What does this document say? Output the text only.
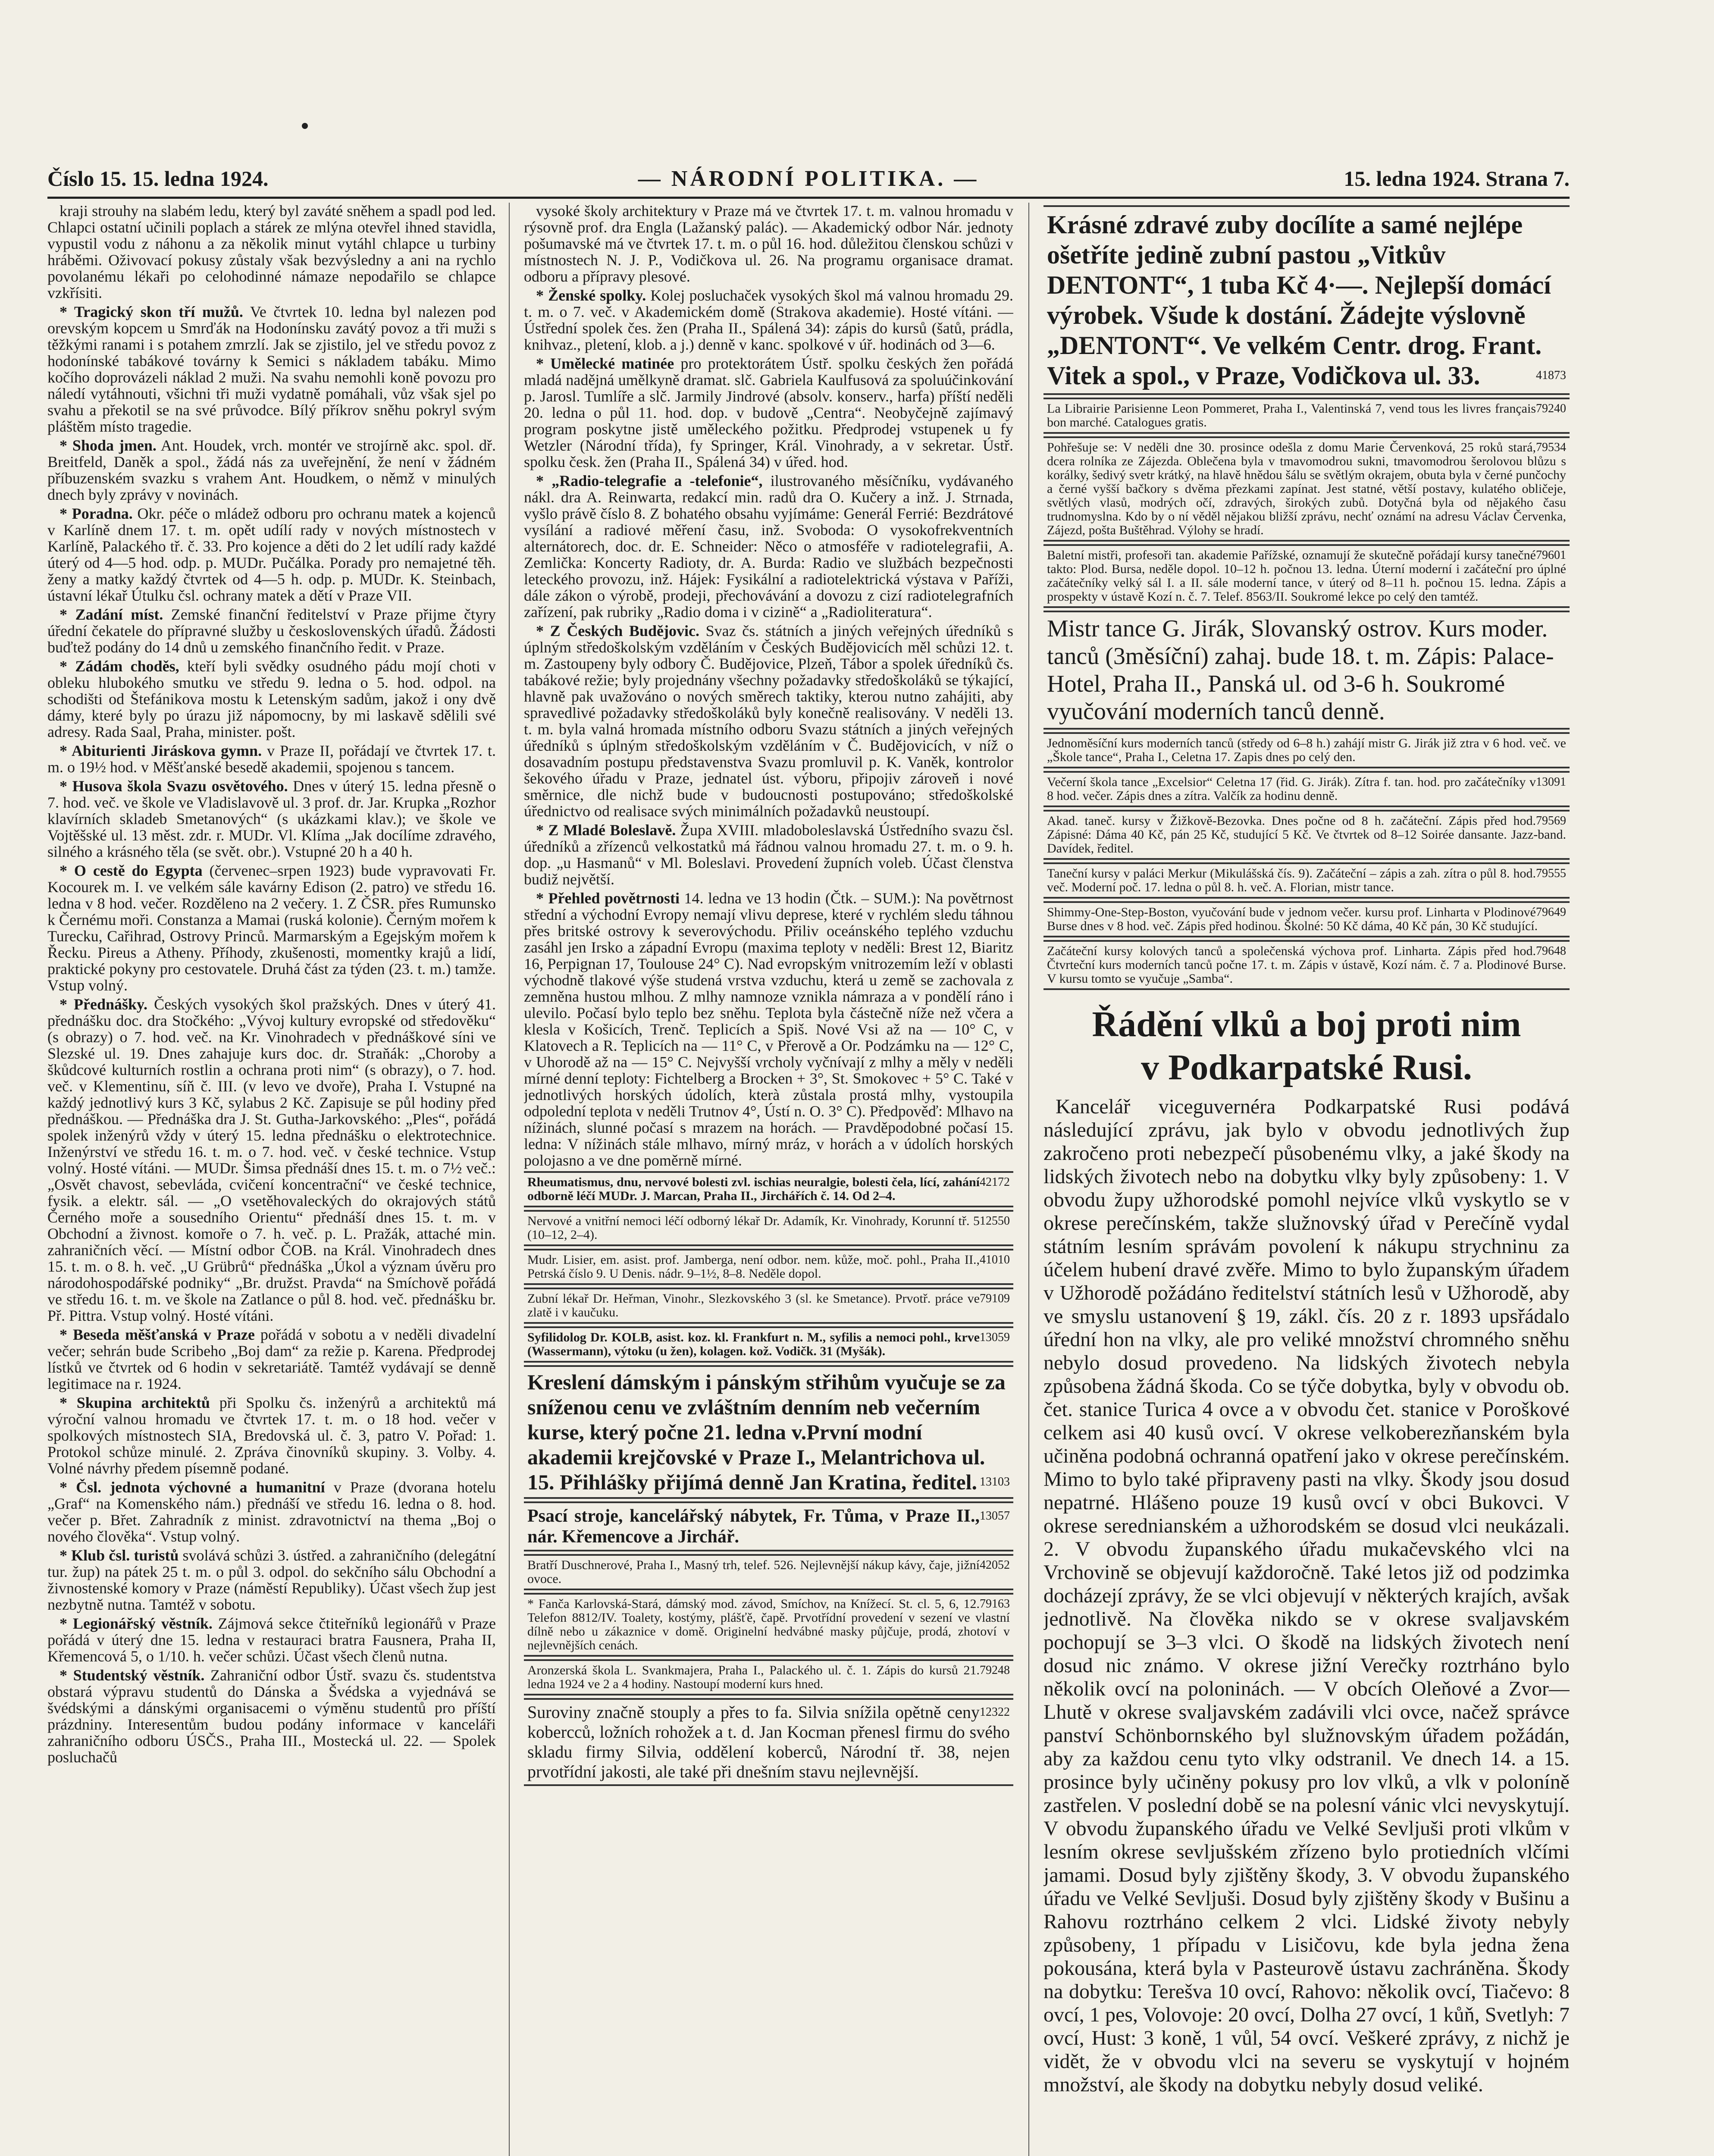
Číslo 15. 15. ledna 1924.	— NÁRODNÍ POLITIKA. —	15. ledna 1924. Strana 7.

kraji strouhy na slabém ledu, který byl zaváté sněhem a spadl pod led. Chlapci ostatní učinili poplach a stárek ze mlýna otevřel ihned stavidla, vypustil vodu z náhonu a za několik minut vytáhl chlapce u turbiny hráběmi. Oživovací pokusy zůstaly však bezvýsledny a ani na rychlo povolanému lékaři po celohodinné námaze nepodařilo se chlapce vzkřísiti.

* Tragický skon tří mužů. Ve čtvrtek 10. ledna byl nalezen pod orevským kopcem u Smrďák na Hodonínsku zavátý povoz a tři muži s těžkými ranami i s potahem zmrzlí. Jak se zjistilo, jel ve středu povoz z hodonínské tabákové továrny k Semici s nákladem tabáku. Mimo kočího doprovázeli náklad 2 muži. Na svahu nemohli koně povozu pro náledí vytáhnouti, všichni tři muži vydatně pomáhali, vůz však sjel po svahu a překotil se na své průvodce. Bílý příkrov sněhu pokryl svým pláštěm místo tragedie.

* Shoda jmen. Ant. Houdek, vrch. montér ve strojírně akc. spol. dř. Breitfeld, Daněk a spol., žádá nás za uveřejnění, že není v žádném příbuzenském svazku s vrahem Ant. Houdkem, o němž v minulých dnech byly zprávy v novinách.

* Poradna. Okr. péče o mládež odboru pro ochranu matek a kojenců v Karlíně dnem 17. t. m. opět udílí rady v nových místnostech v Karlíně, Palackého tř. č. 33. Pro kojence a děti do 2 let udílí rady každé úterý od 4—5 hod. odp. p. MUDr. Pučálka. Porady pro nemajetné těh. ženy a matky každý čtvrtek od 4—5 h. odp. p. MUDr. K. Steinbach, ústavní lékař Útulku čsl. ochrany matek a dětí v Praze VII.

* Zadání míst. Zemské finanční ředitelství v Praze přijme čtyry úřední čekatele do přípravné služby u československých úřadů. Žádosti buďtež podány do 14 dnů u zemského finančního ředit. v Praze.

* Zádám choděs, kteří byli svědky osudného pádu mojí choti v obleku hlubokého smutku ve středu 9. ledna o 5. hod. odpol. na schodišti od Štefánikova mostu k Letenským sadům, jakož i ony dvě dámy, které byly po úrazu již nápomocny, by mi laskavě sdělili své adresy. Rada Saal, Praha, minister. pošt.

* Abiturienti Jiráskova gymn. v Praze II, pořádají ve čtvrtek 17. t. m. o 19½ hod. v Měšťanské besedě akademii, spojenou s tancem.

* Husova škola Svazu osvětového. Dnes v úterý 15. ledna přesně o 7. hod. več. ve škole ve Vladislavově ul. 3 prof. dr. Jar. Krupka „Rozhor klavírních skladeb Smetanových“ (s ukázkami klav.); ve škole ve Vojtěšské ul. 13 měst. zdr. r. MUDr. Vl. Klíma „Jak docílíme zdravého, silného a krásného těla (se svět. obr.). Vstupné 20 h a 40 h.

* O cestě do Egypta (červenec–srpen 1923) bude vypravovati Fr. Kocourek m. I. ve velkém sále kavárny Edison (2. patro) ve středu 16. ledna v 8 hod. večer. Rozděleno na 2 večery. 1. Z ČSR. přes Rumunsko k Černému moři. Constanza a Mamai (ruská kolonie). Černým mořem k Turecku, Cařihrad, Ostrovy Princů. Marmarským a Egejským mořem k Řecku. Pireus a Atheny. Příhody, zkušenosti, momentky krajů a lidí, praktické pokyny pro cestovatele. Druhá část za týden (23. t. m.) tamže. Vstup volný.

* Přednášky. Českých vysokých škol pražských. Dnes v úterý 41. přednášku doc. dra Stočkého: „Vývoj kultury evropské od středověku“ (s obrazy) o 7. hod. več. na Kr. Vinohradech v přednáškové síni ve Slezské ul. 19. Dnes zahajuje kurs doc. dr. Straňák: „Choroby a škůdcové kulturních rostlin a ochrana proti nim“ (s obrazy), o 7. hod. več. v Klementinu, síň č. III. (v levo ve dvoře), Praha I. Vstupné na každý jednotlivý kurs 3 Kč, sylabus 2 Kč. Zapisuje se půl hodiny před přednáškou. — Přednáška dra J. St. Gutha-Jarkovského: „Ples“, pořádá spolek inženýrů vždy v úterý 15. ledna přednášku o elektrotechnice. Inženýrství ve středu 16. t. m. o 7. hod. več. v české technice. Vstup volný. Hosté vítáni. — MUDr. Šimsa přednáší dnes 15. t. m. o 7½ več.: „Osvět chavost, sebevláda, cvičení koncentrační“ ve české technice, fysik. a elektr. sál. — „O vsetěhovaleckých do okrajových států Černého moře a sousedního Orientu“ přednáší dnes 15. t. m. v Obchodní a živnost. komoře o 7. h. več. p. L. Pražák, attaché min. zahraničních věcí. — Místní odbor ČOB. na Král. Vinohradech dnes 15. t. m. o 8. h. več. „U Grübrů“ přednáška „Úkol a význam úvěru pro národohospodářské podniky“ „Br. družst. Pravda“ na Smíchově pořádá ve středu 16. t. m. ve škole na Zatlance o půl 8. hod. več. přednášku br. Př. Pittra. Vstup volný. Hosté vítáni.

* Beseda měšťanská v Praze pořádá v sobotu a v neděli divadelní večer; sehrán bude Scribeho „Boj dam“ za režie p. Karena. Předprodej lístků ve čtvrtek od 6 hodin v sekretariátě. Tamtéž vydávají se denně legitimace na r. 1924.

* Skupina architektů při Spolku čs. inženýrů a architektů má výroční valnou hromadu ve čtvrtek 17. t. m. o 18 hod. večer v spolkových místnostech SIA, Bredovská ul. č. 3, patro V. Pořad: 1. Protokol schůze minulé. 2. Zpráva činovníků skupiny. 3. Volby. 4. Volné návrhy předem písemně podané.

* Čsl. jednota výchovné a humanitní v Praze (dvorana hotelu „Graf“ na Komenského nám.) přednáší ve středu 16. ledna o 8. hod. večer p. Břet. Zahradník z minist. zdravotnictví na thema „Boj o nového člověka“. Vstup volný.

* Klub čsl. turistů svolává schůzi 3. ústřed. a zahraničního (delegátní tur. žup) na pátek 25 t. m. o půl 3. odpol. do sekčního sálu Obchodní a živnostenské komory v Praze (náměstí Republiky). Účast všech žup jest nezbytně nutna. Tamtéž v sobotu.

* Legionářský věstník. Zájmová sekce čtiteřníků legionářů v Praze pořádá v úterý dne 15. ledna v restauraci bratra Fausnera, Praha II, Křemencová 5, o 1/10. h. večer schůzi. Účast všech členů nutna.

* Studentský věstník. Zahraniční odbor Ústř. svazu čs. studentstva obstará výpravu studentů do Dánska a Švédska a vyjednává se švédskými a dánskými organisacemi o výměnu studentů pro příští prázdniny. Interesentům budou podány informace v kanceláři zahraničního odboru ÚSČS., Praha III., Mostecká ul. 22. — Spolek posluchačů

vysoké školy architektury v Praze má ve čtvrtek 17. t. m. valnou hromadu v rýsovně prof. dra Engla (Lažanský palác). — Akademický odbor Nár. jednoty pošumavské má ve čtvrtek 17. t. m. o půl 16. hod. důležitou členskou schůzi v místnostech N. J. P., Vodičkova ul. 26. Na programu organisace dramat. odboru a přípravy plesové.

* Ženské spolky. Kolej posluchaček vysokých škol má valnou hromadu 29. t. m. o 7. več. v Akademickém domě (Strakova akademie). Hosté vítáni. — Ústřední spolek čes. žen (Praha II., Spálená 34): zápis do kursů (šatů, prádla, knihvaz., pletení, klob. a j.) denně v kanc. spolkové v úř. hodinách od 3—6.

* Umělecké matinée pro protektorátem Ústř. spolku českých žen pořádá mladá nadějná umělkyně dramat. slč. Gabriela Kaulfusová za spoluúčinkování p. Jarosl. Tumlíře a slč. Jarmily Jindrové (absolv. konserv., harfa) příští neděli 20. ledna o půl 11. hod. dop. v budově „Centra“. Neobyčejně zajímavý program poskytne jistě uměleckého požitku. Předprodej vstupenek u fy Wetzler (Národní třída), fy Springer, Král. Vinohrady, a v sekretar. Ústř. spolku česk. žen (Praha II., Spálená 34) v úřed. hod.

* „Radio-telegrafie a -telefonie“, ilustrovaného měsíčníku, vydávaného nákl. dra A. Reinwarta, redakcí min. radů dra O. Kučery a inž. J. Strnada, vyšlo právě číslo 8. Z bohatého obsahu vyjímáme: Generál Ferrié: Bezdrátové vysílání a radiové měření času, inž. Svoboda: O vysokofrekventních alternátorech, doc. dr. E. Schneider: Něco o atmosféře v radiotelegrafii, A. Zemlička: Koncerty Radioty, dr. A. Burda: Radio ve službách bezpečnosti leteckého provozu, inž. Hájek: Fysikální a radiotelektrická výstava v Paříži, dále zákon o výrobě, prodeji, přechovávání a dovozu z cizí radiotelegrafních zařízení, pak rubriky „Radio doma i v cizině“ a „Radioliteratura“.

* Z Českých Budějovic. Svaz čs. státních a jiných veřejných úředníků s úplným středoškolským vzděláním v Českých Budějovicích měl schůzi 12. t. m. Zastoupeny byly odbory Č. Budějovice, Plzeň, Tábor a spolek úředníků čs. tabákové režie; byly projednány všechny požadavky středoškoláků se týkající, hlavně pak uvažováno o nových směrech taktiky, kterou nutno zahájiti, aby spravedlivé požadavky středoškoláků byly konečně realisovány. V neděli 13. t. m. byla valná hromada místního odboru Svazu státních a jiných veřejných úředníků s úplným středoškolským vzděláním v Č. Budějovicích, v níž o dosavadním postupu představenstva Svazu promluvil p. K. Vaněk, kontrolor šekového úřadu v Praze, jednatel úst. výboru, připojiv zároveň i nové směrnice, dle nichž bude v budoucnosti postupováno; středoškolské úřednictvo od realisace svých minimálních požadavků neustoupí.

* Z Mladé Boleslavě. Župa XVIII. mladoboleslavská Ústředního svazu čsl. úředníků a zřízenců velkostatků má řádnou valnou hromadu 27. t. m. o 9. h. dop. „u Hasmanů“ v Ml. Boleslavi. Provedení župních voleb. Účast členstva budiž největší.

* Přehled povětrnosti 14. ledna ve 13 hodin (Čtk. – SUM.): Na povětrnost střední a východní Evropy nemají vlivu deprese, které v rychlém sledu táhnou přes britské ostrovy k severovýchodu. Přiliv oceánského teplého vzduchu zasáhl jen Irsko a západní Evropu (maxima teploty v neděli: Brest 12, Biaritz 16, Perpignan 17, Toulouse 24° C). Nad evropským vnitrozemím leží v oblasti východně tlakové výše studená vrstva vzduchu, která u země se zachovala z zemněna hustou mlhou. Z mlhy namnoze vznikla námraza a v pondělí ráno i ulevilo. Počasí bylo teplo bez sněhu. Teplota byla částečně níže než včera a kleslа v Košicích, Trenč. Teplicích a Spiš. Nové Vsi až na — 10° C, v Klatovech a R. Teplicích na — 11° C, v Přerově a Or. Podzámku na — 12° C, v Uhorodě až na — 15° C. Nejvyšší vrcholy vyčnívají z mlhy a měly v neděli mírné denní teploty: Fichtelberg a Brocken + 3°, St. Smokovec + 5° C. Také v jednotlivých horských údolích, kterà zůstala prostá mlhy, vystoupila odpolední teplota v neděli Trutnov 4°, Ústí n. O. 3° C). Předpověď: Mlhavo na nížinách, slunné počasí s mrazem na horách. — Pravděpodobné počasí 15. ledna: V nížinách stále mlhavo, mírný mráz, v horách a v údolích horských polojasno a ve dne poměrně mírné.

42172
Rheumatismus, dnu, nervové bolesti zvl. ischias neuralgie, bolesti čela, lící, zahání odborně léčí MUDr. J. Marcan, Praha II., Jirchářích č. 14. Od 2–4.
12550
Nervové a vnitřní nemoci léčí odborný lékař Dr. Adamík, Kr. Vinohrady, Korunní tř. 5 (10–12, 2–4).
41010
Mudr. Lisier, em. asist. prof. Jamberga, není odbor. nem. kůže, moč. pohl., Praha II., Petrská číslo 9. U Denis. nádr. 9–1½, 8–8. Neděle dopol.
79109
Zubní lékař Dr. Heřman, Vinohr., Slezkovského 3 (sl. ke Smetance). Prvotř. práce ve zlatě i v kaučuku.
13059
Syfilidolog Dr. KOLB, asist. koz. kl. Frankfurt n. M., syfilis a nemoci pohl., krve (Wassermann), výtoku (u žen), kolagen. kož. Vodičk. 31 (Myšák).
Kreslení dámským i pánským střihům vyučuje se za sníženou cenu ve zvláštním denním neb večerním kurse, který počne 21. ledna v.První modní akademii krejčovské v Praze I., Melantrichova ul. 15. Přihlášky přijímá denně Jan Kratina, ředitel. 13103
13057
Psací stroje, kancelářský nábytek, Fr. Tůma, v Praze II., nár. Křemencove a Jirchář.
42052
Bratří Duschnerové, Praha I., Masný trh, telef. 526. Nejlevnější nákup kávy, čaje, jižní ovoce.
79163
* Fanča Karlovská-Stará, dámský mod. závod, Smíchov, na Knížecí. St. cl. 5, 6, 12. Telefon 8812/IV. Toalety, kostýmy, plášťě, čapě. Prvotřídní provedení v sezení ve vlastní dílně nebo u zákaznice v domě. Originelní hedvábné masky půjčuje, prodá, zhotoví v nejlevnějších cenách.
79248
Aronzerská škola L. Svankmajera, Praha I., Palackého ul. č. 1. Zápis do kursů 21. ledna 1924 ve 2 a 4 hodiny. Nastoupí moderní kurs hned.
12322
Suroviny značně stouply a přes to fa. Silvia snížila opětně ceny kobercců, ložních rohožek a t. d. Jan Kocman přenesl firmu do svého skladu firmy Silvia, oddělení koberců, Národní tř. 38, nejen prvotřídní jakosti, ale také při dnešním stavu nejlevnější.
Krásné zdravé zuby docílíte a samé nejlépe ošetříte jedině zubní pastou „Vitkův DENTONT“, 1 tuba Kč 4·—. Nejlepší domácí výrobek. Všude k dostání. Žádejte výslovně „DENTONT“. Ve velkém Centr. drog. Frant. Vitek a spol., v Praze, Vodičkova ul. 33.	41873
79240
La Librairie Parisienne Leon Pommeret, Praha I., Valentinská 7, vend tous les livres français bon marché. Catalogues gratis.
79534
Pohřešuje se: V neděli dne 30. prosince odešla z domu Marie Červenková, 25 roků stará, dcera rolníka ze Zájezda. Oblečena byla v tmavomodrou sukni, tmavomodrou šerolovou blůzu s korálky, šedivý svetr krátký, na hlavě hnědou šálu se světlým okrajem, obuta byla v černé punčochy a černé vyšší bačkory s dvěma přezkami zapínat. Jest statné, větší postavy, kulatého obličeje, světlých vlasů, modrých očí, zdravých, širokých zubů. Dotyčná byla od nějakého času trudnomyslna. Kdo by o ní věděl nějakou bližší zprávu, nechť oznámí na adresu Václav Červenka, Zájezd, pošta Buštěhrad. Výlohy se hradí.
79601
Baletní mistři, profesoři tan. akademie Pařížské, oznamují že skutečně pořádají kursy tanečné takto: Plod. Bursa, neděle dopol. 10–12 h. počnou 13. ledna. Úterní moderní i začáteční pro úplné začátečníky velký sál I. a II. sále moderní tance, v úterý od 8–11 h. počnou 15. ledna. Zápis a prospekty v ústavě Kozí n. č. 7. Telef. 8563/II. Soukromé lekce po celý den tamtéž.
Mistr tance G. Jirák, Slovanský ostrov. Kurs moder. tanců (3měsíční) zahaj. bude 18. t. m. Zápis: Palace-Hotel, Praha II., Panská ul. od 3-6 h. Soukromé vyučování moderních tanců denně.
Jednoměsíční kurs moderních tanců (středy od 6–8 h.) zahájí mistr G. Jirák již ztra v 6 hod. več. ve „Škole tance“, Praha I., Celetna 17. Zapis dnes po celý den.
13091
Večerní škola tance „Excelsior“ Celetna 17 (řid. G. Jirák). Zítra f. tan. hod. pro začátečníky v 8 hod. večer. Zápis dnes a zítra. Valčík za hodinu denně.
79569
Akad. taneč. kursy v Žižkově-Bezovka. Dnes počne od 8 h. začáteční. Zápis před hod. Zápisné: Dáma 40 Kč, pán 25 Kč, studující 5 Kč. Ve čtvrtek od 8–12 Soirée dansante. Jazz-band. Davídek, ředitel.
79555
Taneční kursy v paláci Merkur (Mikulášská čís. 9). Začáteční – zápis a zah. zítra o půl 8. hod. več. Moderní poč. 17. ledna o půl 8. h. več. A. Florian, mistr tance.
79649
Shimmy-One-Step-Boston, vyučování bude v jednom večer. kursu prof. Linharta v Plodinové Burse dnes v 8 hod. več. Zápis před hodinou. Školné: 50 Kč dáma, 40 Kč pán, 30 Kč studující.
79648
Začáteční kursy kolových tanců a společenská výchova prof. Linharta. Zápis před hod. Čtvrteční kurs moderních tanců počne 17. t. m. Zápis v ústavě, Kozí nám. č. 7 a. Plodinové Burse. V kursu tomto se vyučuje „Samba“.
Řádění vlků a boj proti nim
v Podkarpatské Rusi.

Kancelář viceguvernéra Podkarpatské Rusi podává následující zprávu, jak bylo v obvodu jednotlivých žup zakročeno proti nebezpečí působenému vlky, a jaké škody na lidských životech nebo na dobytku vlky byly způsobeny: 1. V obvodu župy užhorodské pomohl nejvíce vlků vyskytlo se v okrese perečínském, takže služnovský úřad v Perečíně vydal státním lesním správám povolení k nákupu strychninu za účelem hubení dravé zvěře. Mimo to bylo županským úřadem v Užhorodě požádáno ředitelství státních lesů v Užhorodě, aby ve smyslu ustanovení § 19, zákl. čís. 20 z r. 1893 upsřádalo úřední hon na vlky, ale pro veliké množství chromného sněhu nebylo dosud provedeno. Na lidských životech nebyla způsobena žádná škoda. Co se týče dobytka, byly v obvodu ob. čet. stanice Turica 4 ovce a v obvodu čet. stanice v Poroškové celkem asi 40 kusů ovcí. V okrese velkoberezňanském byla učiněna podobná ochranná opatření jako v okrese perečínském. Mimo to bylo také připraveny pasti na vlky. Škody jsou dosud nepatrné. Hlášeno pouze 19 kusů ovcí v obci Bukovci. V okrese serednianském a užhorodském se dosud vlci neukázali. 2. V obvodu županského úřadu mukačevského vlci na Vrchovině se objevují každoročně. Také letos již od podzimka docházejí zprávy, že se vlci objevují v některých krajích, avšak jednotlivě. Na člověka nikdo se v okrese svaljavském pochopují se 3–3 vlci. O škodě na lidských životech není dosud nic známo. V okrese jižní Verečky roztrháno bylo několik ovcí na poloninách. — V obcích Oleňové a Zvor—Lhutě v okrese svaljavském zadávili vlci ovce, načež správce panství Schönbornského byl služnovským úřadem požádán, aby za každou cenu tyto vlky odstranil. Ve dnech 14. a 15. prosince byly učiněny pokusy pro lov vlků, a vlk v poloníně zastřelen. V poslední době se na polesní vánic vlci nevyskytují. V obvodu županského úřadu ve Velké Sevljuši proti vlkům v lesním okrese sevljušském zřízeno bylo protiedních vlčími jamami. Dosud byly zjištěny škody, 3. V obvodu županského úřadu ve Velké Sevljuši. Dosud byly zjištěny škody v Bušinu a Rahovu roztrháno celkem 2 vlci. Lidské životy nebyly způsobeny, 1 případu v Lisičovu, kde byla jedna žena pokousána, která byla v Pasteurově ústavu zachráněna. Škody na dobytku: Terešva 10 ovcí, Rahovo: několik ovcí, Tiačevo: 8 ovcí, 1 pes, Volovoje: 20 ovcí, Dolha 27 ovcí, 1 kůň, Svetlyh: 7 ovcí, Hust: 3 koně, 1 vůl, 54 ovcí. Veškeré zprávy, z nichž je vidět, že v obvodu vlci na severu se vyskytují v hojném množství, ale škody na dobytku nebyly dosud veliké.
